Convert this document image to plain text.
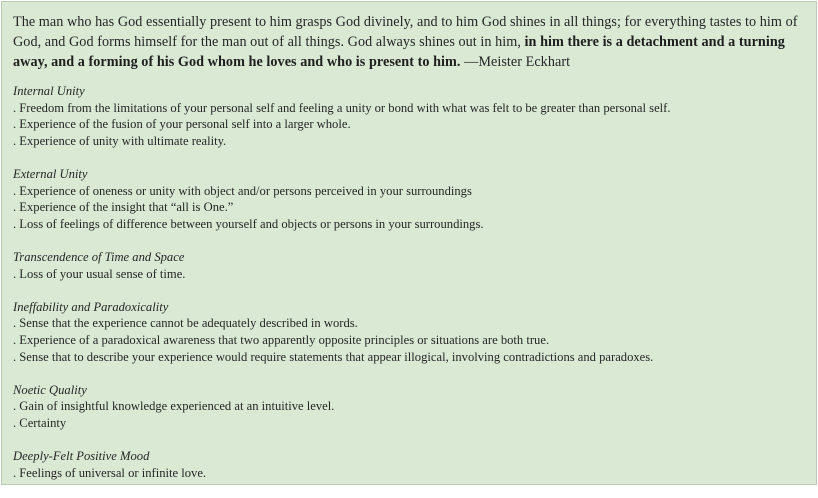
The man who has God essentially present to him grasps God divinely, and to him God shines in all things; for everything tastes to him of God, and God forms himself for the man out of all things. God always shines out in him, in him there is a detachment and a turning away, and a forming of his God whom he loves and who is present to him. —Meister Eckhart

Internal Unity
. Freedom from the limitations of your personal self and feeling a unity or bond with what was felt to be greater than personal self.
. Experience of the fusion of your personal self into a larger whole.
. Experience of unity with ultimate reality.
External Unity
. Experience of oneness or unity with object and/or persons perceived in your surroundings
. Experience of the insight that “all is One.”
. Loss of feelings of difference between yourself and objects or persons in your surroundings.
Transcendence of Time and Space
. Loss of your usual sense of time.
Ineffability and Paradoxicality
. Sense that the experience cannot be adequately described in words.
. Experience of a paradoxical awareness that two apparently opposite principles or situations are both true.
. Sense that to describe your experience would require statements that appear illogical, involving contradictions and paradoxes.
Noetic Quality
. Gain of insightful knowledge experienced at an intuitive level.
. Certainty
Deeply-Felt Positive Mood
. Feelings of universal or infinite love.
